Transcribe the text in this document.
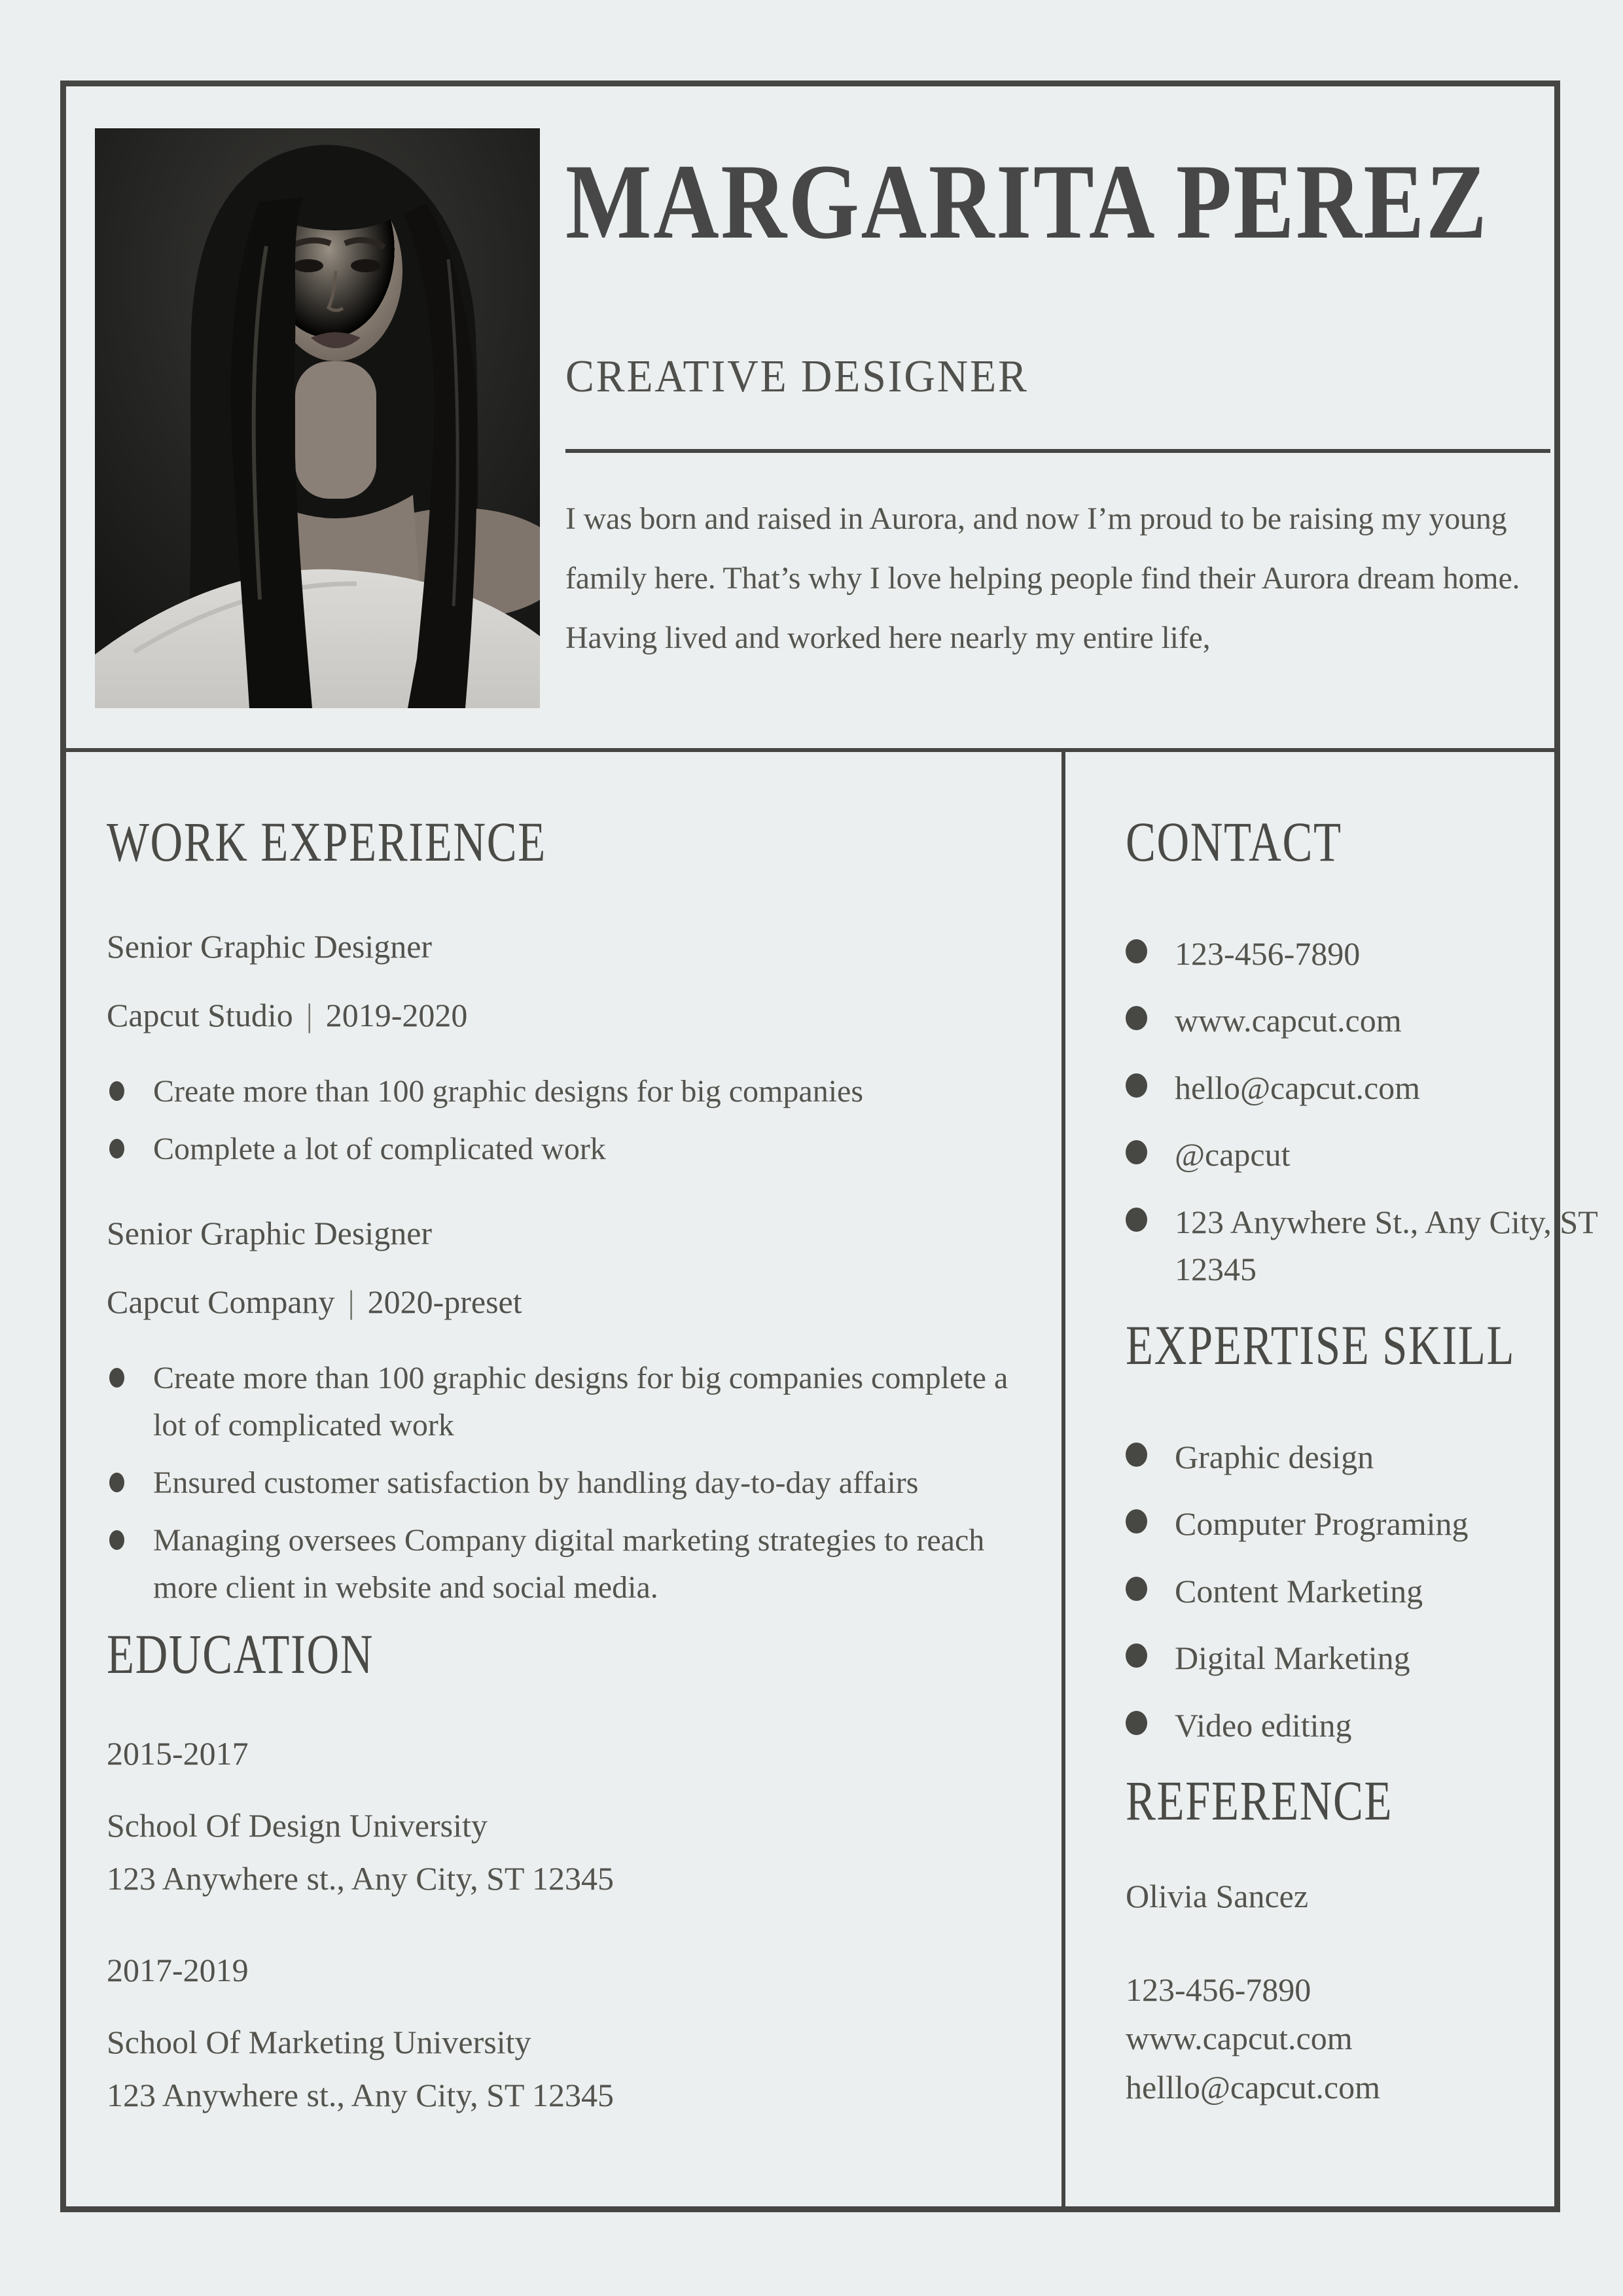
MARGARITA PEREZ
CREATIVE DESIGNER
I was born and raised in Aurora, and now I’m proud to be raising my young family here. That’s why I love helping people find their Aurora dream home. Having lived and worked here nearly my entire life,
WORK EXPERIENCE
Senior Graphic Designer
Capcut Studio | 2019-2020
Create more than 100 graphic designs for big companies
Complete a lot of complicated work
Senior Graphic Designer
Capcut Company | 2020-preset
Create more than 100 graphic designs for big companies complete a lot of complicated work
Ensured customer satisfaction by handling day-to-day affairs
Managing oversees Company digital marketing strategies to reach more client in website and social media.
EDUCATION
2015-2017
School Of Design University
123 Anywhere st., Any City, ST 12345
2017-2019
School Of Marketing University
123 Anywhere st., Any City, ST 12345
CONTACT
123-456-7890
www.capcut.com
hello@capcut.com
@capcut
123 Anywhere St., Any City, ST 12345
EXPERTISE SKILL
Graphic design
Computer Programing
Content Marketing
Digital Marketing
Video editing
REFERENCE
Olivia Sancez
123-456-7890
www.capcut.com
helllo@capcut.com
